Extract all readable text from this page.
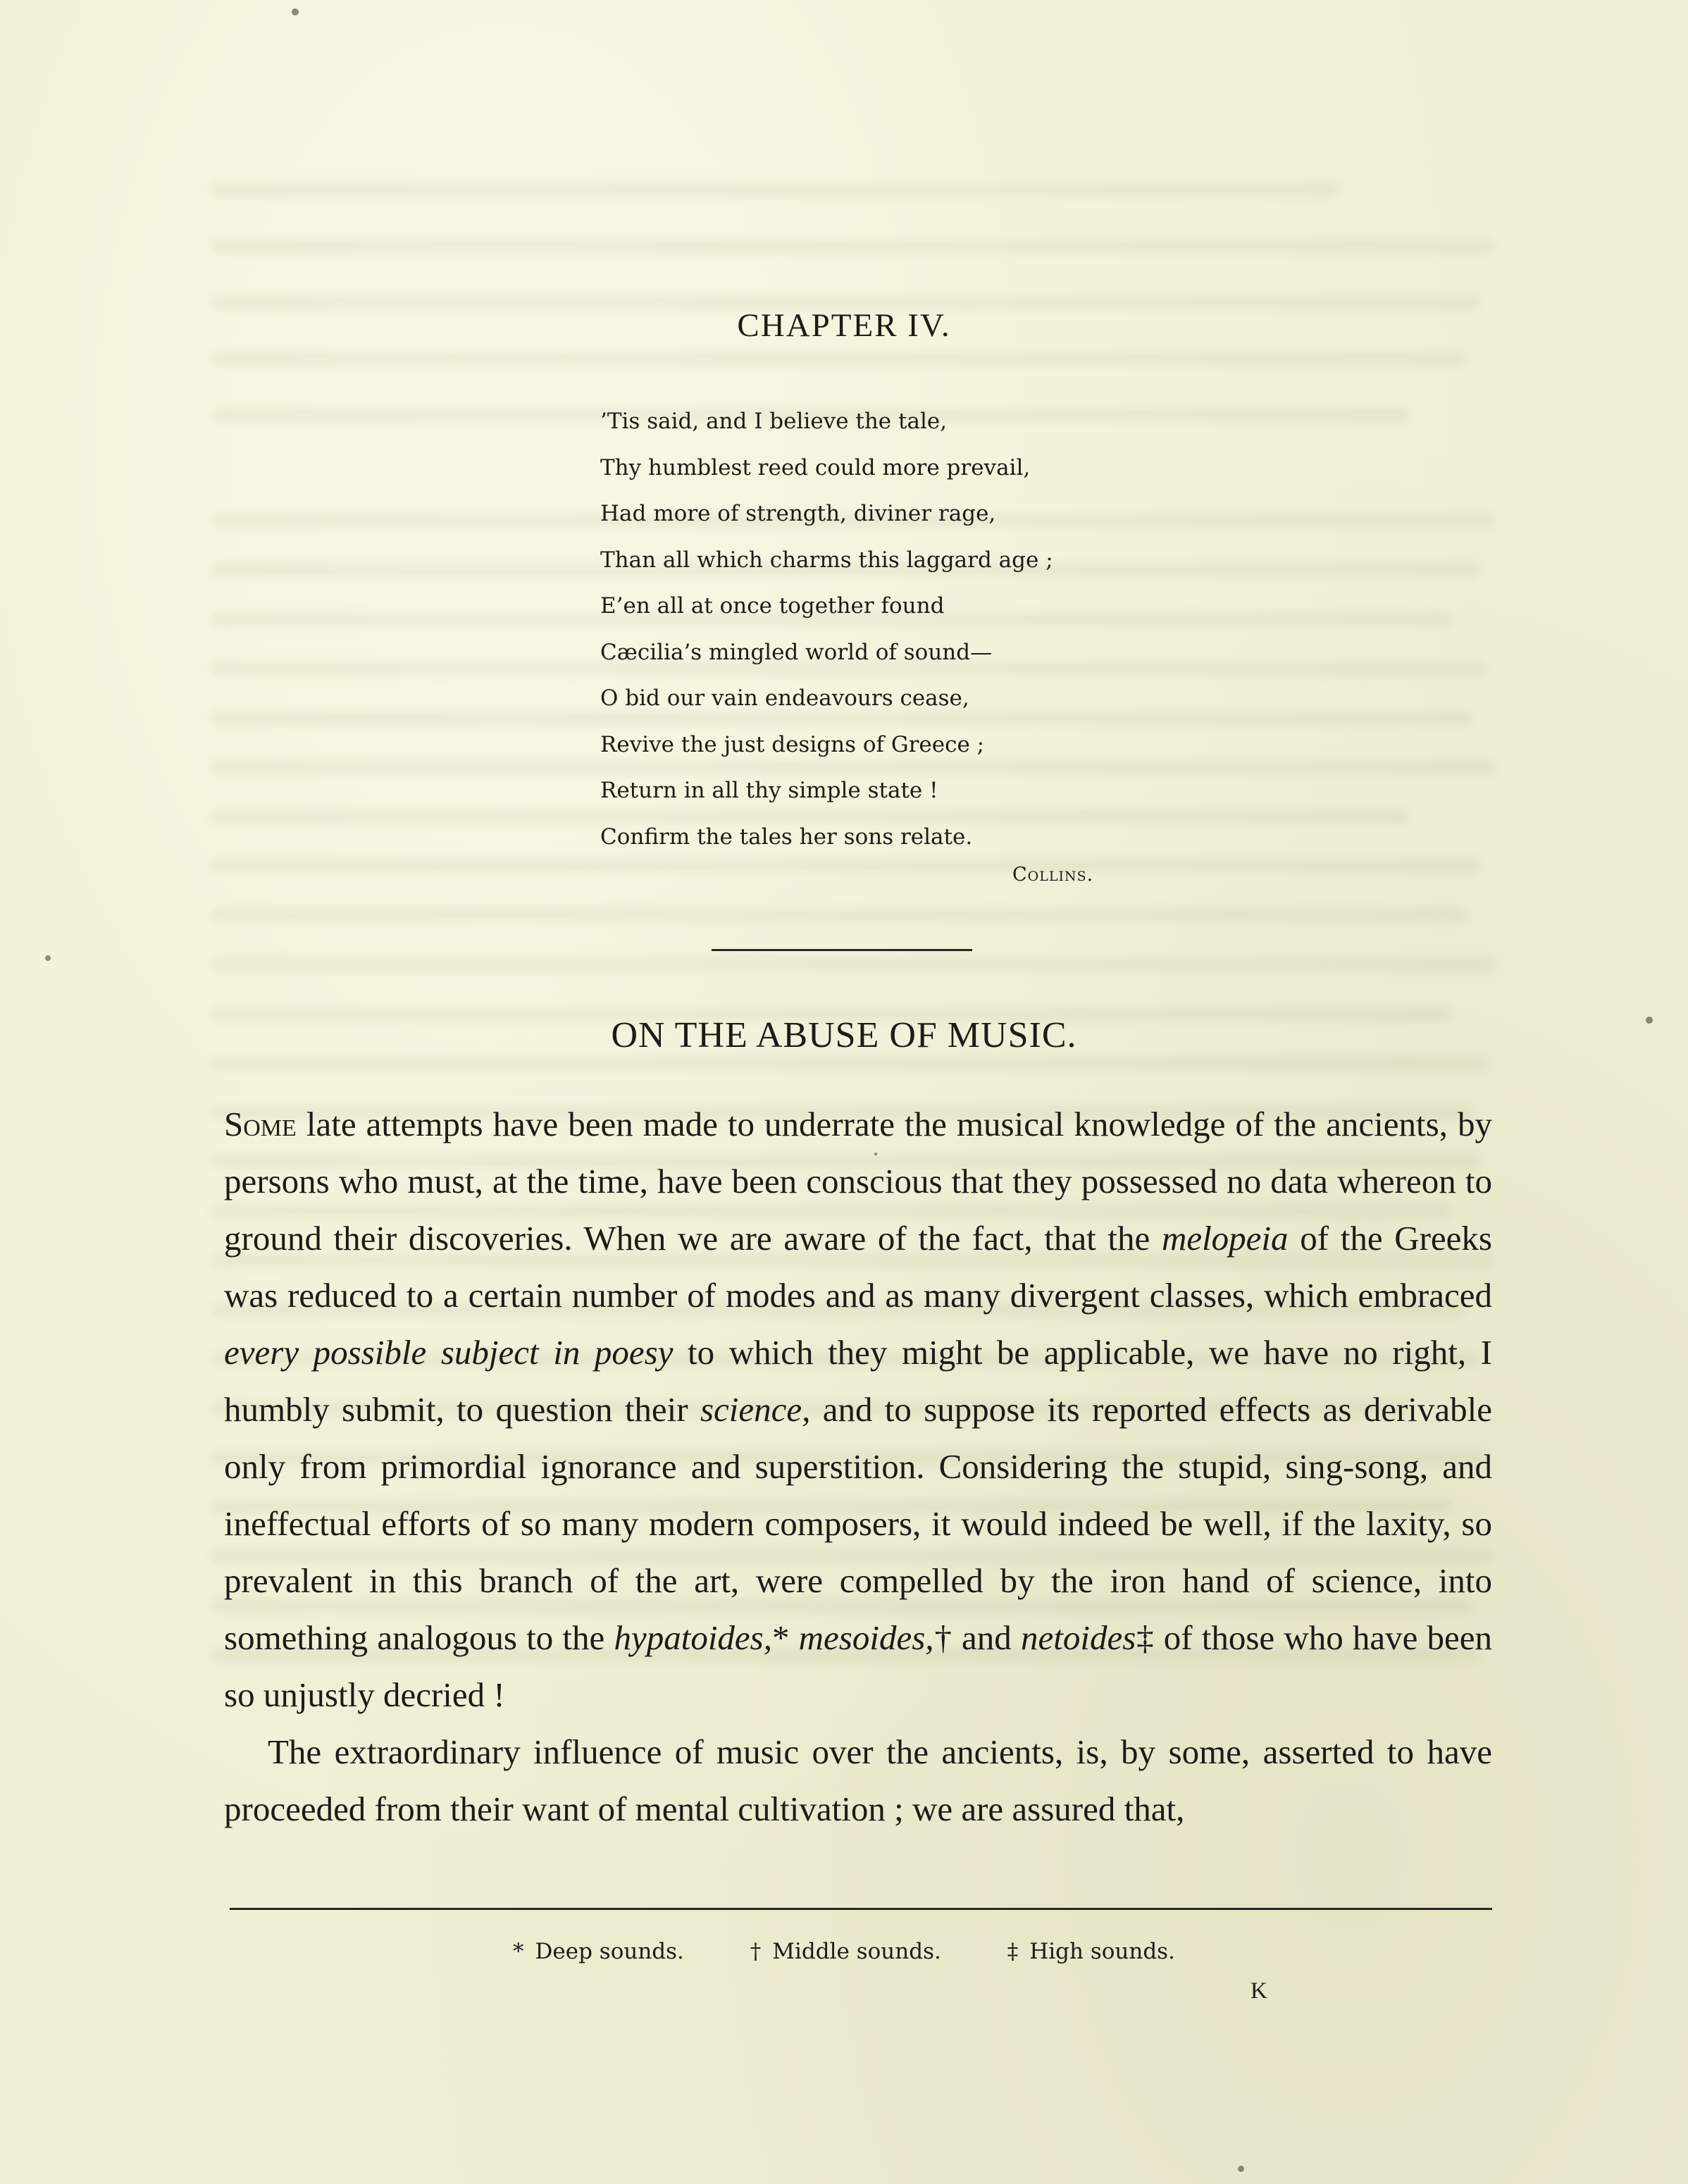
CHAPTER IV.
’Tis said, and I believe the tale,
Thy humblest reed could more prevail,
Had more of strength, diviner rage,
Than all which charms this laggard age ;
E’en all at once together found
Cæcilia’s mingled world of sound—
O bid our vain endeavours cease,
Revive the just designs of Greece ;
Return in all thy simple state !
Confirm the tales her sons relate.
Collins.
ON THE ABUSE OF MUSIC.

Some late attempts have been made to underrate the musical knowledge of the ancients, by persons who must, at the time, have been conscious that they possessed no data whereon to ground their discoveries. When we are aware of the fact, that the melopeia of the Greeks was reduced to a certain number of modes and as many divergent classes, which embraced every possible subject in poesy to which they might be applicable, we have no right, I humbly submit, to question their science, and to suppose its reported effects as derivable only from primordial ignorance and superstition. Considering the stupid, sing-song, and ineffectual efforts of so many modern composers, it would indeed be well, if the laxity, so prevalent in this branch of the art, were compelled by the iron hand of science, into something analogous to the hypatoides,* mesoides,† and netoides‡ of those who have been so unjustly decried !

The extraordinary influence of music over the ancients, is, by some, asserted to have proceeded from their want of mental cultivation ; we are assured that,

* Deep sounds.	† Middle sounds.	‡ High sounds.
K
